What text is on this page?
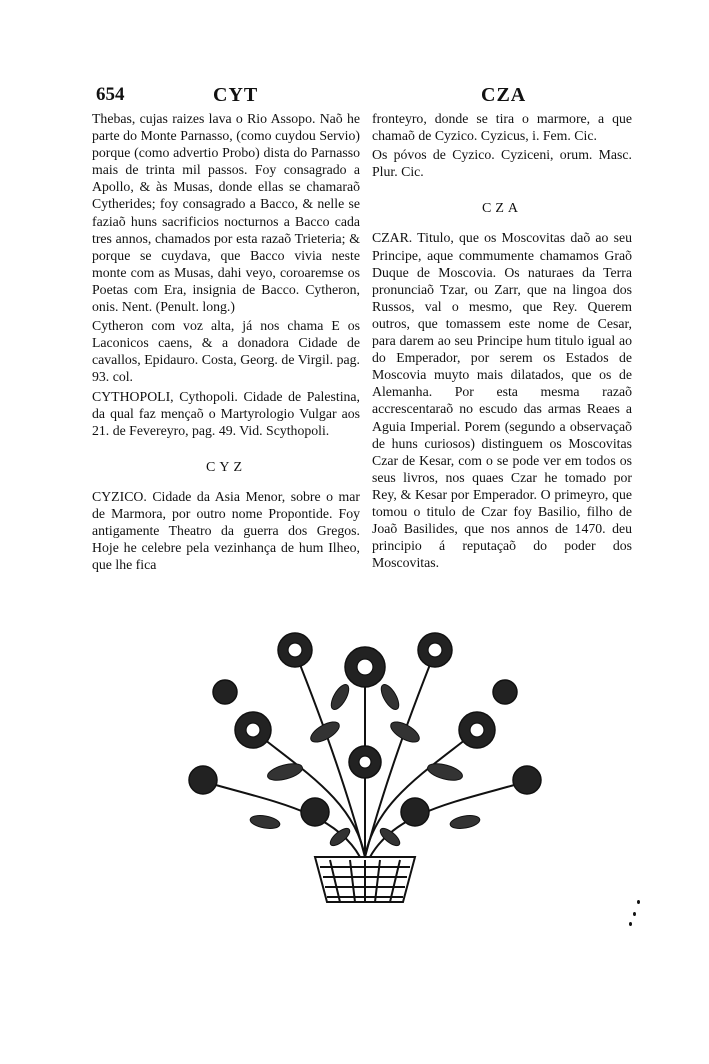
654	CYT	CZA

Thebas, cujas raizes lava o Rio Assopo. Naõ he parte do Monte Parnasso, (como cuydou Servio) porque (como advertio Probo) dista do Parnasso mais de trinta mil passos. Foy consagrado a Apollo, & às Musas, donde ellas se chamaraõ Cytherides; foy consagrado a Bacco, & nelle se faziaõ huns sacrificios nocturnos a Bacco cada tres annos, chamados por esta razaõ Trieteria; & porque se cuydava, que Bacco vivia neste monte com as Musas, dahi veyo, coroaremse os Poetas com Era, insignia de Bacco. Cytheron, onis. Nent. (Penult. long.)

Cytheron com voz alta, já nos chama E os Laconicos caens, & a donadora Cidade de cavallos, Epidauro. Costa, Georg. de Virgil. pag. 93. col.

CYTHOPOLI, Cythopoli. Cidade de Palestina, da qual faz mençaõ o Martyrologio Vulgar aos 21. de Fevereyro, pag. 49. Vid. Scythopoli.

CYZ

CYZICO. Cidade da Asia Menor, sobre o mar de Marmora, por outro nome Propontide. Foy antigamente Theatro da guerra dos Gregos. Hoje he celebre pela vezinhança de hum Ilheo, que lhe fica

fronteyro, donde se tira o marmore, a que chamaõ de Cyzico. Cyzicus, i. Fem. Cic.

Os póvos de Cyzico. Cyziceni, orum. Masc. Plur. Cic.

CZA

CZAR. Titulo, que os Moscovitas daõ ao seu Principe, aque commumente chamamos Graõ Duque de Moscovia. Os naturaes da Terra pronunciaõ Tzar, ou Zarr, que na lingoa dos Russos, val o mesmo, que Rey. Querem outros, que tomassem este nome de Cesar, para darem ao seu Principe hum titulo igual ao do Emperador, por serem os Estados de Moscovia muyto mais dilatados, que os de Alemanha. Por esta mesma razaõ accrescentaraõ no escudo das armas Reaes a Aguia Imperial. Porem (segundo a observaçaõ de huns curiosos) distinguem os Moscovitas Czar de Kesar, com o se pode ver em todos os seus livros, nos quaes Czar he tomado por Rey, & Kesar por Emperador. O primeyro, que tomou o titulo de Czar foy Basilio, filho de Joaõ Basilides, que nos annos de 1470. deu principio á reputaçaõ do poder dos Moscovitas.
